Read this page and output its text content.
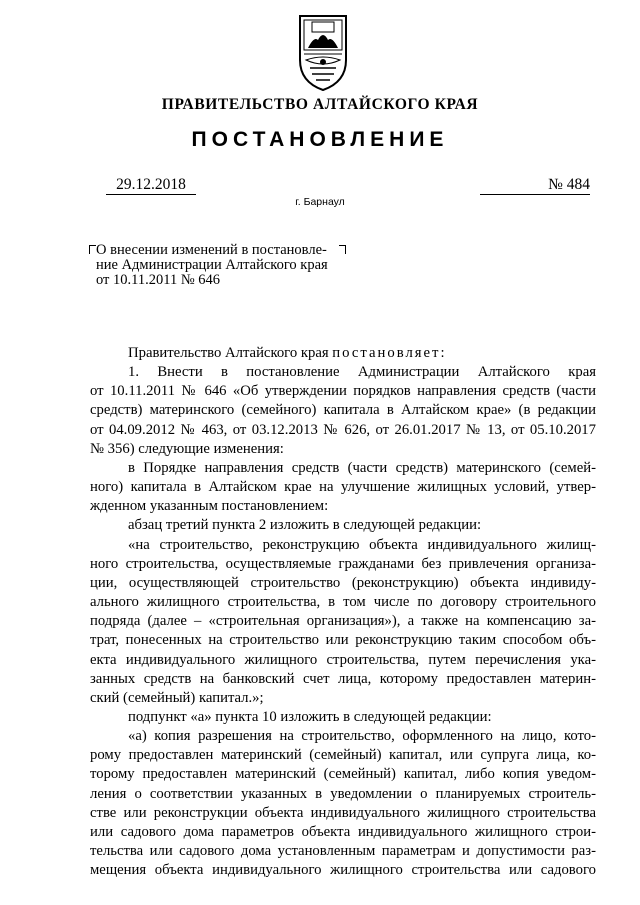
ПРАВИТЕЛЬСТВО АЛТАЙСКОГО КРАЯ
ПОСТАНОВЛЕНИЕ
29.12.2018	№ 484
г. Барнаул
О внесении изменений в постановле-
ние Администрации Алтайского края
от 10.11.2011 № 646
Правительство Алтайского края постановляет:
1. Внести в постановление Администрации Алтайского края
от 10.11.2011 № 646 «Об утверждении порядков направления средств (части
средств) материнского (семейного) капитала в Алтайском крае» (в редакции
от 04.09.2012 № 463, от 03.12.2013 № 626, от 26.01.2017 № 13, от 05.10.2017
№ 356) следующие изменения:
в Порядке направления средств (части средств) материнского (семей-
ного) капитала в Алтайском крае на улучшение жилищных условий, утвер-
жденном указанным постановлением:
абзац третий пункта 2 изложить в следующей редакции:
«на строительство, реконструкцию объекта индивидуального жилищ-
ного строительства, осуществляемые гражданами без привлечения организа-
ции, осуществляющей строительство (реконструкцию) объекта индивиду-
ального жилищного строительства, в том числе по договору строительного
подряда (далее – «строительная организация»), а также на компенсацию за-
трат, понесенных на строительство или реконструкцию таким способом объ-
екта индивидуального жилищного строительства, путем перечисления ука-
занных средств на банковский счет лица, которому предоставлен материн-
ский (семейный) капитал.»;
подпункт «а» пункта 10 изложить в следующей редакции:
«а) копия разрешения на строительство, оформленного на лицо, кото-
рому предоставлен материнский (семейный) капитал, или супруга лица, ко-
торому предоставлен материнский (семейный) капитал, либо копия уведом-
ления о соответствии указанных в уведомлении о планируемых строитель-
стве или реконструкции объекта индивидуального жилищного строительства
или садового дома параметров объекта индивидуального жилищного строи-
тельства или садового дома установленным параметрам и допустимости раз-
мещения объекта индивидуального жилищного строительства или садового
